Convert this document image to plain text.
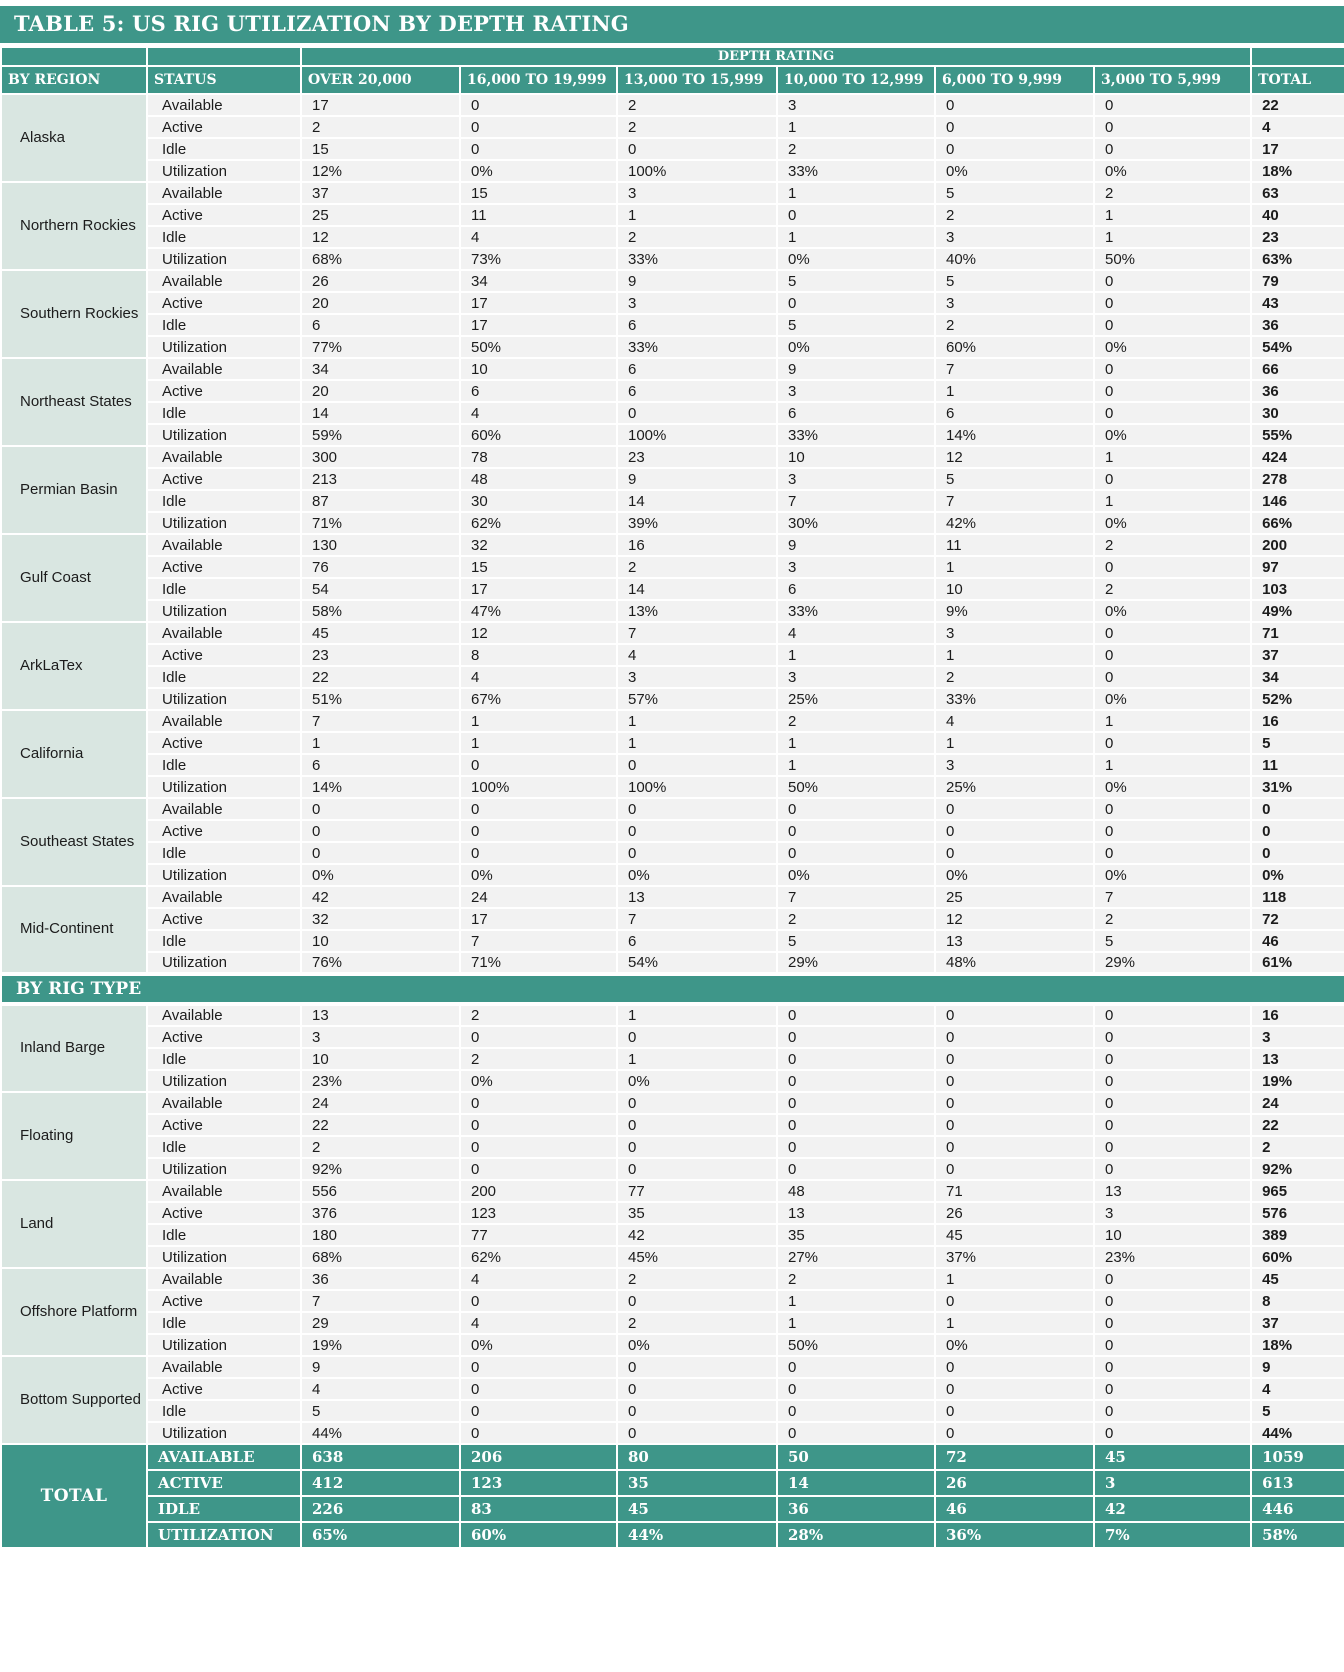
TABLE 5: US RIG UTILIZATION BY DEPTH RATING
		DEPTH RATING						
BY REGION	STATUS	OVER 20,000	16,000 TO 19,999	13,000 TO 15,999	10,000 TO 12,999	6,000 TO 9,999	3,000 TO 5,999	TOTAL
Alaska	Available	17	0	2	3	0	0	22
	Active	2	0	2	1	0	0	4
	Idle	15	0	0	2	0	0	17
	Utilization	12%	0%	100%	33%	0%	0%	18%
Northern Rockies	Available	37	15	3	1	5	2	63
	Active	25	11	1	0	2	1	40
	Idle	12	4	2	1	3	1	23
	Utilization	68%	73%	33%	0%	40%	50%	63%
Southern Rockies	Available	26	34	9	5	5	0	79
	Active	20	17	3	0	3	0	43
	Idle	6	17	6	5	2	0	36
	Utilization	77%	50%	33%	0%	60%	0%	54%
Northeast States	Available	34	10	6	9	7	0	66
	Active	20	6	6	3	1	0	36
	Idle	14	4	0	6	6	0	30
	Utilization	59%	60%	100%	33%	14%	0%	55%
Permian Basin	Available	300	78	23	10	12	1	424
	Active	213	48	9	3	5	0	278
	Idle	87	30	14	7	7	1	146
	Utilization	71%	62%	39%	30%	42%	0%	66%
Gulf Coast	Available	130	32	16	9	11	2	200
	Active	76	15	2	3	1	0	97
	Idle	54	17	14	6	10	2	103
	Utilization	58%	47%	13%	33%	9%	0%	49%
ArkLaTex	Available	45	12	7	4	3	0	71
	Active	23	8	4	1	1	0	37
	Idle	22	4	3	3	2	0	34
	Utilization	51%	67%	57%	25%	33%	0%	52%
California	Available	7	1	1	2	4	1	16
	Active	1	1	1	1	1	0	5
	Idle	6	0	0	1	3	1	11
	Utilization	14%	100%	100%	50%	25%	0%	31%
Southeast States	Available	0	0	0	0	0	0	0
	Active	0	0	0	0	0	0	0
	Idle	0	0	0	0	0	0	0
	Utilization	0%	0%	0%	0%	0%	0%	0%
Mid-Continent	Available	42	24	13	7	25	7	118
	Active	32	17	7	2	12	2	72
	Idle	10	7	6	5	13	5	46
	Utilization	76%	71%	54%	29%	48%	29%	61%
BY RIG TYPE								
Inland Barge	Available	13	2	1	0	0	0	16
	Active	3	0	0	0	0	0	3
	Idle	10	2	1	0	0	0	13
	Utilization	23%	0%	0%	0	0	0	19%
Floating	Available	24	0	0	0	0	0	24
	Active	22	0	0	0	0	0	22
	Idle	2	0	0	0	0	0	2
	Utilization	92%	0	0	0	0	0	92%
Land	Available	556	200	77	48	71	13	965
	Active	376	123	35	13	26	3	576
	Idle	180	77	42	35	45	10	389
	Utilization	68%	62%	45%	27%	37%	23%	60%
Offshore Platform	Available	36	4	2	2	1	0	45
	Active	7	0	0	1	0	0	8
	Idle	29	4	2	1	1	0	37
	Utilization	19%	0%	0%	50%	0%	0	18%
Bottom Supported	Available	9	0	0	0	0	0	9
	Active	4	0	0	0	0	0	4
	Idle	5	0	0	0	0	0	5
	Utilization	44%	0	0	0	0	0	44%
TOTAL	AVAILABLE	638	206	80	50	72	45	1059
	ACTIVE	412	123	35	14	26	3	613
	IDLE	226	83	45	36	46	42	446
	UTILIZATION	65%	60%	44%	28%	36%	7%	58%
